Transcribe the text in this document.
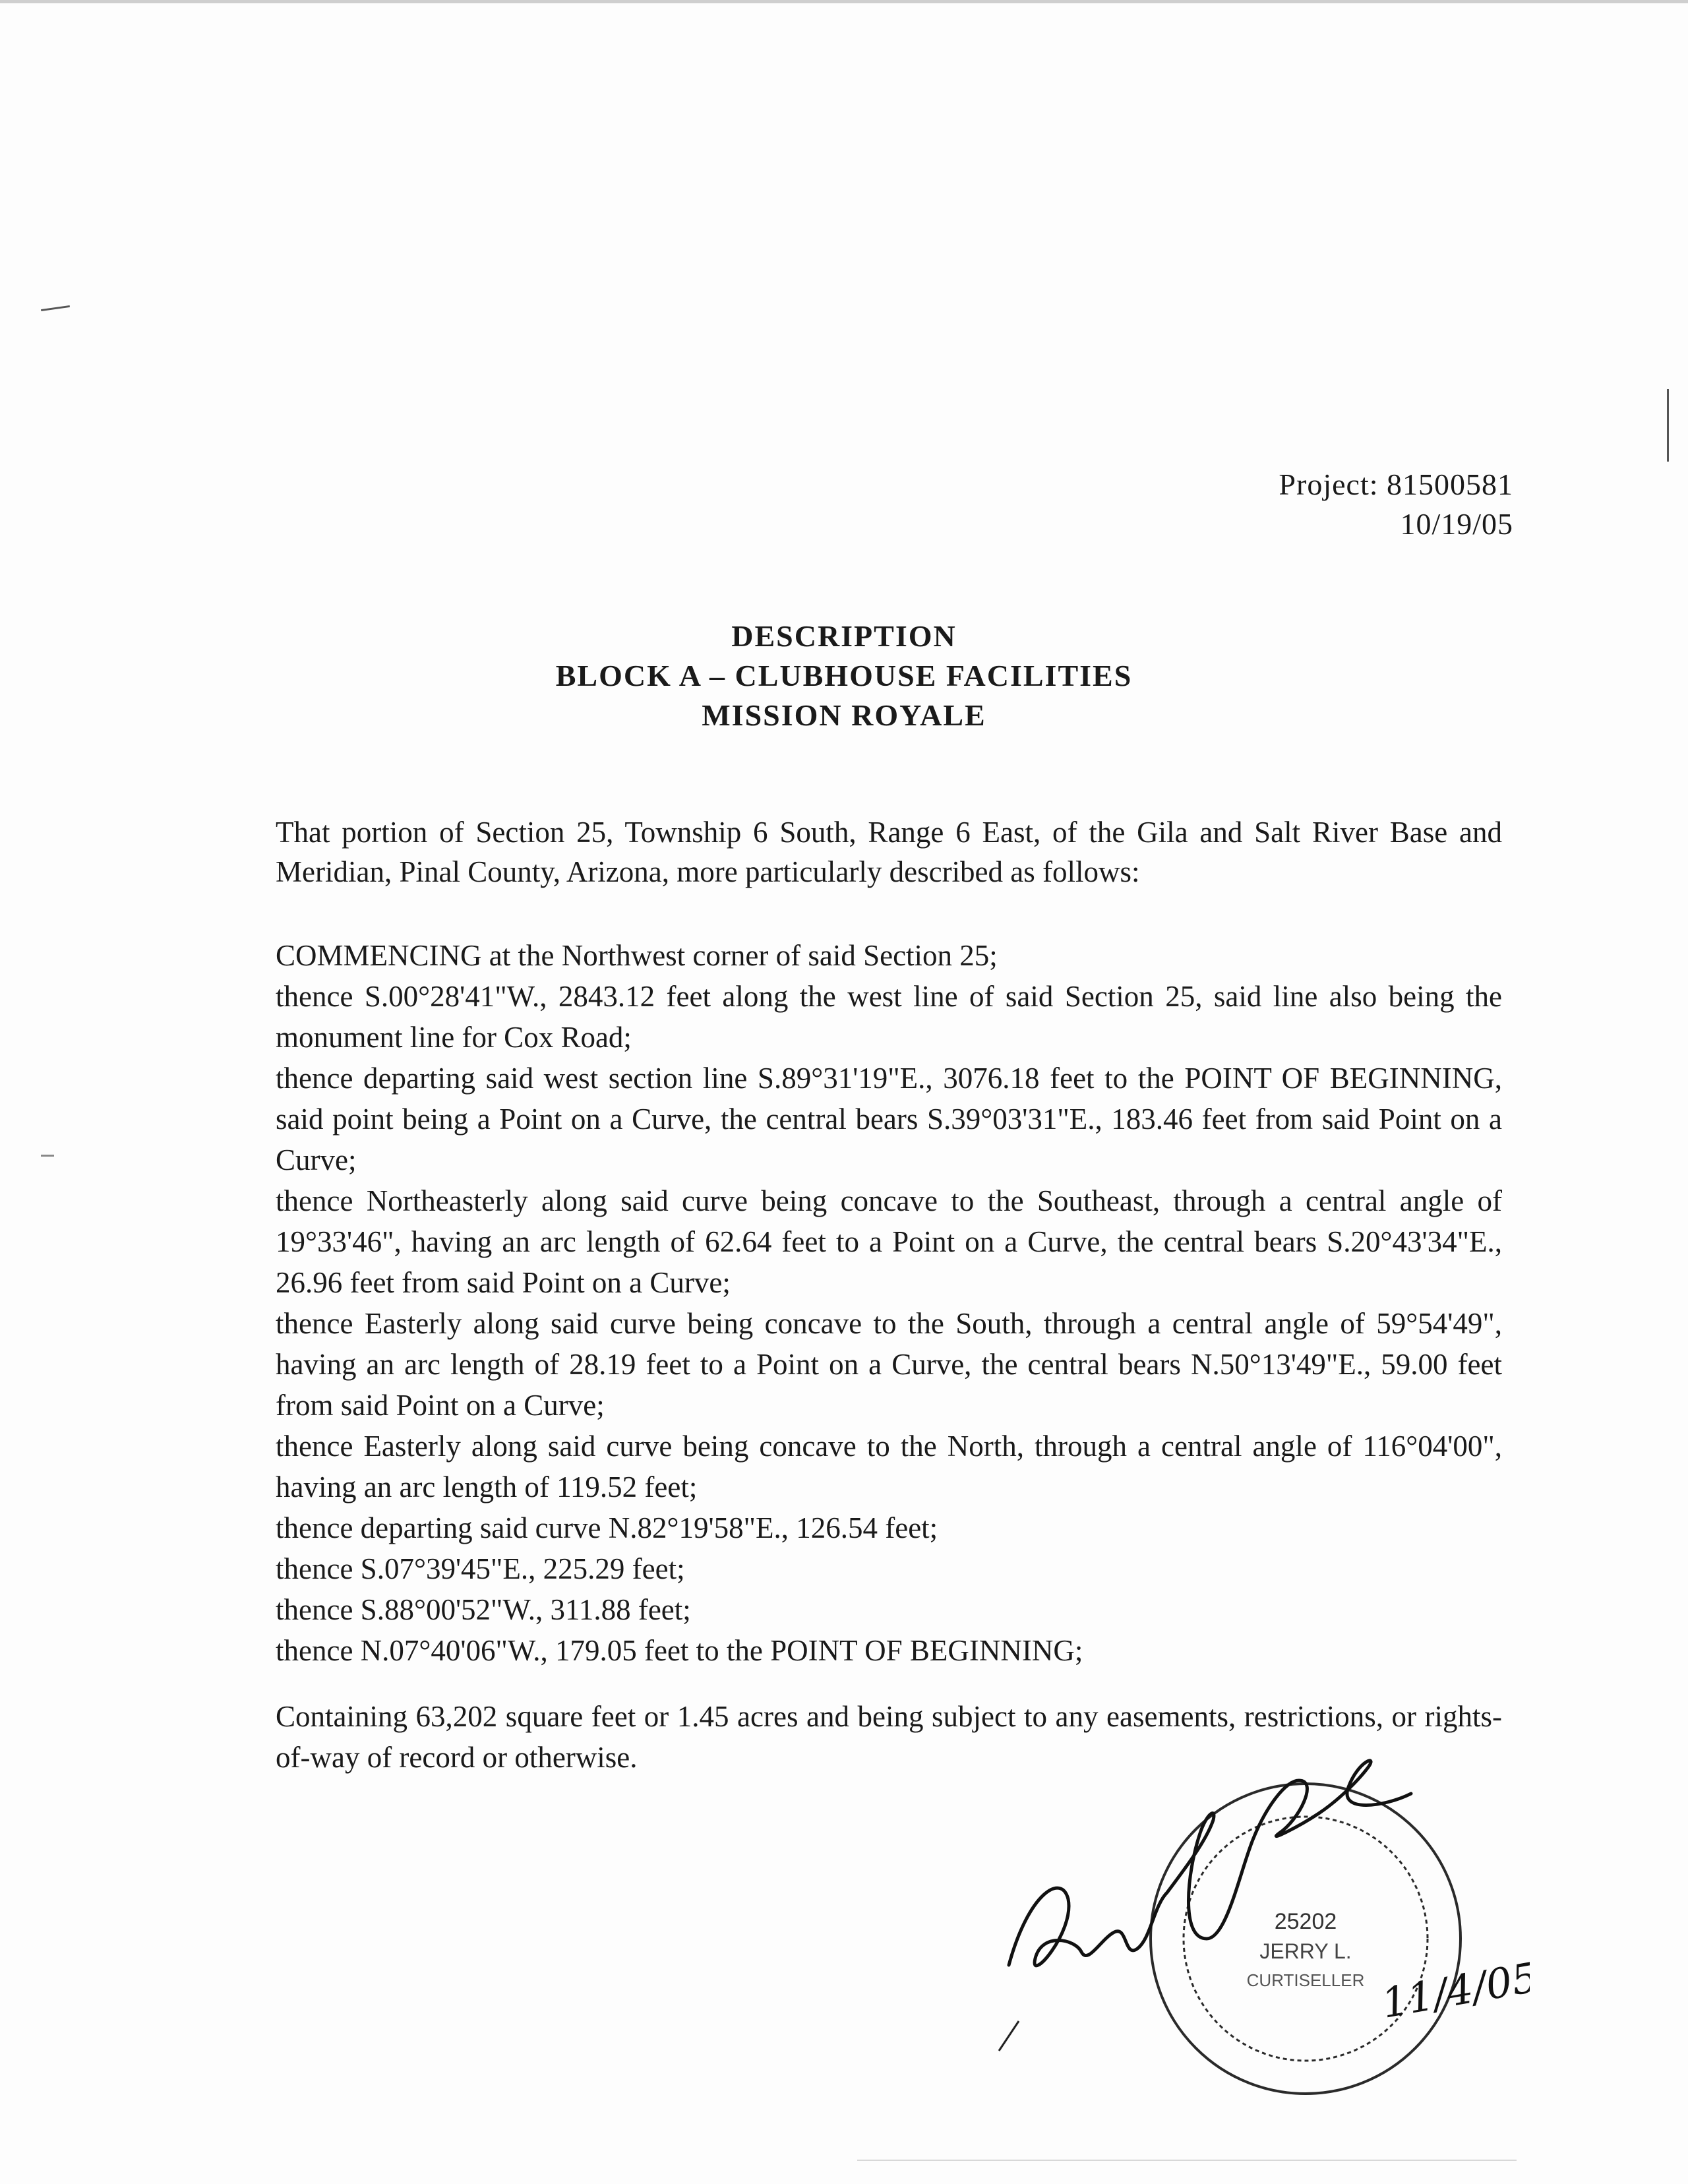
Project: 81500581
10/19/05
DESCRIPTION
BLOCK A – CLUBHOUSE FACILITIES
MISSION ROYALE
That portion of Section 25, Township 6 South, Range 6 East, of the Gila and Salt River Base and Meridian, Pinal County, Arizona, more particularly described as follows:
COMMENCING at the Northwest corner of said Section 25;
thence S.00°28'41"W., 2843.12 feet along the west line of said Section 25, said line also being the monument line for Cox Road;
thence departing said west section line S.89°31'19"E., 3076.18 feet to the POINT OF BEGINNING, said point being a Point on a Curve, the central bears S.39°03'31"E., 183.46 feet from said Point on a Curve;
thence Northeasterly along said curve being concave to the Southeast, through a central angle of 19°33'46", having an arc length of 62.64 feet to a Point on a Curve, the central bears S.20°43'34"E., 26.96 feet from said Point on a Curve;
thence Easterly along said curve being concave to the South, through a central angle of 59°54'49", having an arc length of 28.19 feet to a Point on a Curve, the central bears N.50°13'49"E., 59.00 feet from said Point on a Curve;
thence Easterly along said curve being concave to the North, through a central angle of 116°04'00", having an arc length of 119.52 feet;
thence departing said curve N.82°19'58"E., 126.54 feet;
thence S.07°39'45"E., 225.29 feet;
thence S.88°00'52"W., 311.88 feet;
thence N.07°40'06"W., 179.05 feet to the POINT OF BEGINNING;
Containing 63,202 square feet or 1.45 acres and being subject to any easements, restrictions, or rights-of-way of record or otherwise.
25202
JERRY L.
CURTISELLER 11/4/05
